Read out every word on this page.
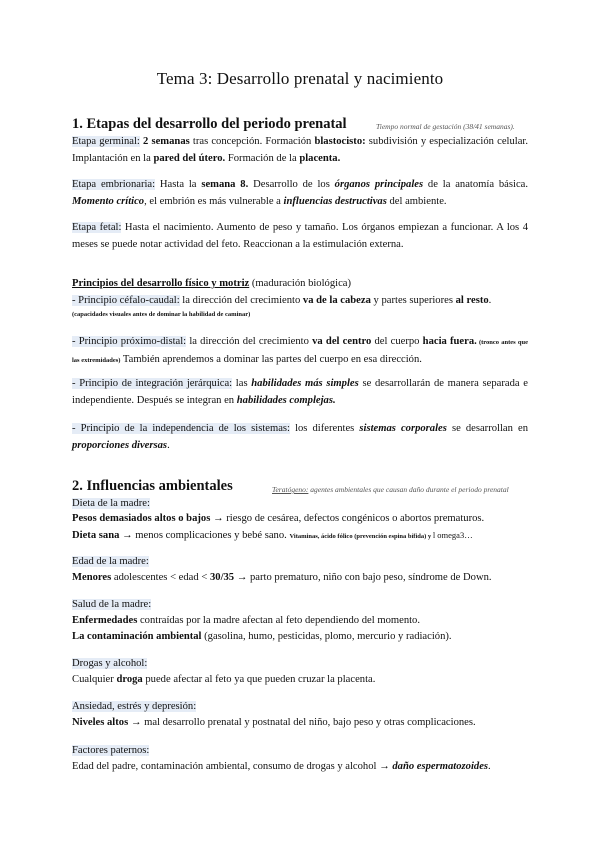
Tema 3: Desarrollo prenatal y nacimiento
1. Etapas del desarrollo del periodo prenatal	Tiempo normal de gestación (38/41 semanas).
Etapa germinal: 2 semanas tras concepción. Formación blastocisto: subdivisión y especialización celular. Implantación en la pared del útero. Formación de la placenta.
Etapa embrionaria: Hasta la semana 8. Desarrollo de los órganos principales de la anatomía básica. Momento crítico, el embrión es más vulnerable a influencias destructivas del ambiente.
Etapa fetal: Hasta el nacimiento. Aumento de peso y tamaño. Los órganos empiezan a funcionar. A los 4 meses se puede notar actividad del feto. Reaccionan a la estimulación externa.
Principios del desarrollo físico y motriz (maduración biológica)
- Principio céfalo-caudal: la dirección del crecimiento va de la cabeza y partes superiores al resto.
(capacidades visuales antes de dominar la habilidad de caminar)
- Principio próximo-distal: la dirección del crecimiento va del centro del cuerpo hacia fuera. (tronco antes que las extremidades) También aprendemos a dominar las partes del cuerpo en esa dirección.
- Principio de integración jerárquica: las habilidades más simples se desarrollarán de manera separada e independiente. Después se integran en habilidades complejas.
- Principio de la independencia de los sistemas: los diferentes sistemas corporales se desarrollan en proporciones diversas.
2. Influencias ambientales	Teratógeno: agentes ambientales que causan daño durante el periodo prenatal
Dieta de la madre:
Pesos demasiados altos o bajos → riesgo de cesárea, defectos congénicos o abortos prematuros.
Dieta sana → menos complicaciones y bebé sano. Vitaminas, ácido fólico (prevención espina bífida) y l omega3…
Edad de la madre:
Menores adolescentes < edad < 30/35 → parto prematuro, niño con bajo peso, síndrome de Down.
Salud de la madre:
Enfermedades contraídas por la madre afectan al feto dependiendo del momento.
La contaminación ambiental (gasolina, humo, pesticidas, plomo, mercurio y radiación).
Drogas y alcohol:
Cualquier droga puede afectar al feto ya que pueden cruzar la placenta.
Ansiedad, estrés y depresión:
Niveles altos → mal desarrollo prenatal y postnatal del niño, bajo peso y otras complicaciones.
Factores paternos:
Edad del padre, contaminación ambiental, consumo de drogas y alcohol → daño espermatozoides.
